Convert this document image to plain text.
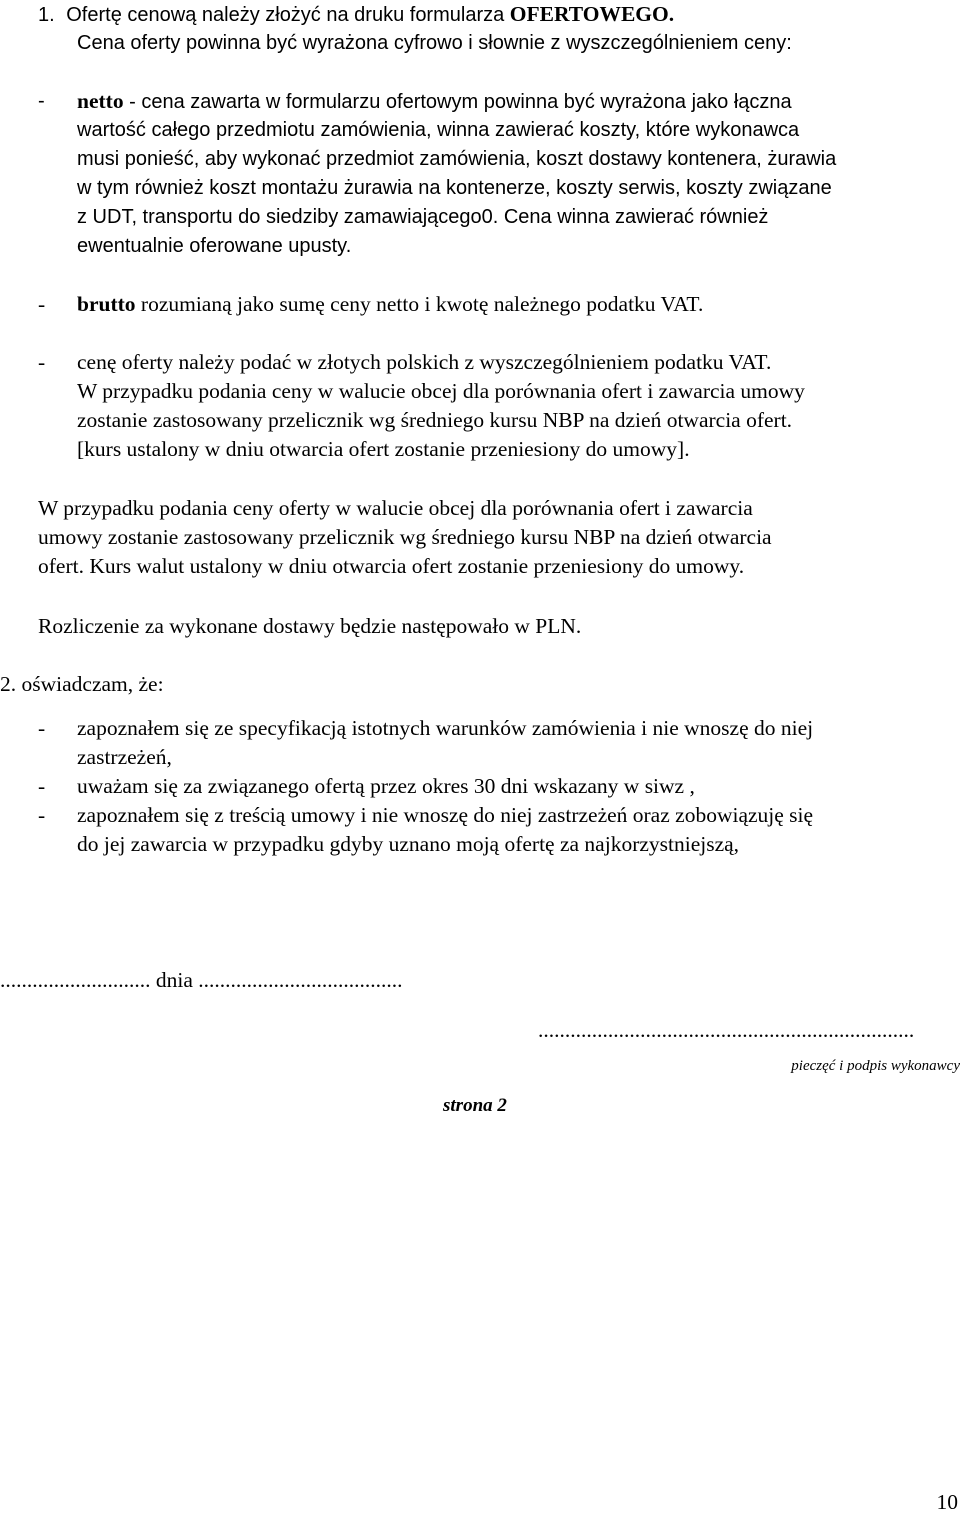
1. Ofertę cenową należy złożyć na druku formularza OFERTOWEGO.
Cena oferty powinna być wyrażona cyfrowo i słownie z wyszczególnieniem ceny:
- netto - cena zawarta w formularzu ofertowym powinna być wyrażona jako łączna
wartość całego przedmiotu zamówienia, winna zawierać koszty, które wykonawca
musi ponieść, aby wykonać przedmiot zamówienia, koszt dostawy kontenera, żurawia
w tym również koszt montażu żurawia na kontenerze, koszty serwis, koszty związane
z UDT, transportu do siedziby zamawiającego0. Cena winna zawierać również
ewentualnie oferowane upusty.
- brutto rozumianą jako sumę ceny netto i kwotę należnego podatku VAT.
- cenę oferty należy podać w złotych polskich z wyszczególnieniem podatku VAT.
W przypadku podania ceny w walucie obcej dla porównania ofert i zawarcia umowy
zostanie zastosowany przelicznik wg średniego kursu NBP na dzień otwarcia ofert.
[kurs ustalony w dniu otwarcia ofert zostanie przeniesiony do umowy].
W przypadku podania ceny oferty w walucie obcej dla porównania ofert i zawarcia
umowy zostanie zastosowany przelicznik wg średniego kursu NBP na dzień otwarcia
ofert. Kurs walut ustalony w dniu otwarcia ofert zostanie przeniesiony do umowy.
Rozliczenie za wykonane dostawy będzie następowało w PLN.
2. oświadczam, że:
- zapoznałem się ze specyfikacją istotnych warunków zamówienia i nie wnoszę do niej
zastrzeżeń,
- uważam się za związanego ofertą przez okres 30 dni wskazany w siwz ,
- zapoznałem się z treścią umowy i nie wnoszę do niej zastrzeżeń oraz zobowiązuję się
do jej zawarcia w przypadku gdyby uznano moją ofertę za najkorzystniejszą,
............................ dnia ......................................
......................................................................
pieczęć i podpis wykonawcy
strona 2
10
